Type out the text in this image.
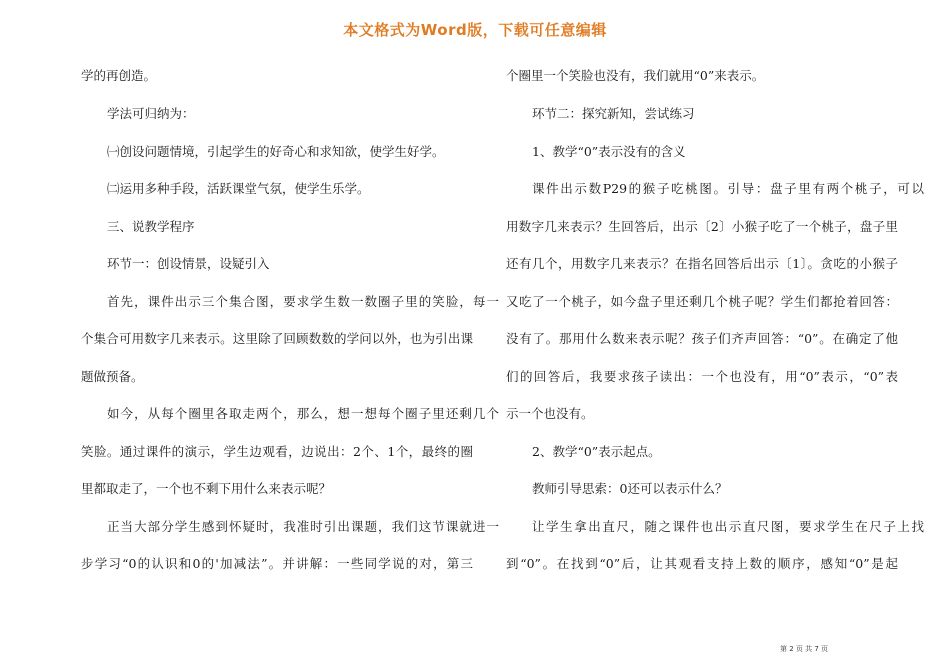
本文格式为Word版，下载可任意编辑
学的再创造。
学法可归纳为：
㈠创设问题情境，引起学生的好奇心和求知欲，使学生好学。
㈡运用多种手段，活跃课堂气氛，使学生乐学。
三、说教学程序
环节一：创设情景，设疑引入
首先，课件出示三个集合图，要求学生数一数圈子里的笑脸，每一
个集合可用数字几来表示。这里除了回顾数数的学问以外，也为引出课
题做预备。
如今，从每个圈里各取走两个，那么，想一想每个圈子里还剩几个
笑脸。通过课件的演示，学生边观看，边说出：2个、1个，最终的圈
里都取走了，一个也不剩下用什么来表示呢？
正当大部分学生感到怀疑时，我准时引出课题，我们这节课就进一
步学习“0的认识和0的'加减法”。并讲解：一些同学说的对，第三
个圈里一个笑脸也没有，我们就用“0”来表示。
环节二：探究新知，尝试练习
1、教学“0”表示没有的含义
课件出示数P29的猴子吃桃图。引导：盘子里有两个桃子，可以
用数字几来表示？生回答后，出示〔2〕小猴子吃了一个桃子，盘子里
还有几个，用数字几来表示？在指名回答后出示〔1〕。贪吃的小猴子
又吃了一个桃子，如今盘子里还剩几个桃子呢？学生们都抢着回答：
没有了。那用什么数来表示呢？孩子们齐声回答：“0”。在确定了他
们的回答后，我要求孩子读出：一个也没有，用“0”表示，“0”表
示一个也没有。
2、教学“0”表示起点。
教师引导思索：0还可以表示什么？
让学生拿出直尺，随之课件也出示直尺图，要求学生在尺子上找
到“0”。在找到“0”后，让其观看支持上数的顺序，感知“0”是起
第 2 页 共 7 页
